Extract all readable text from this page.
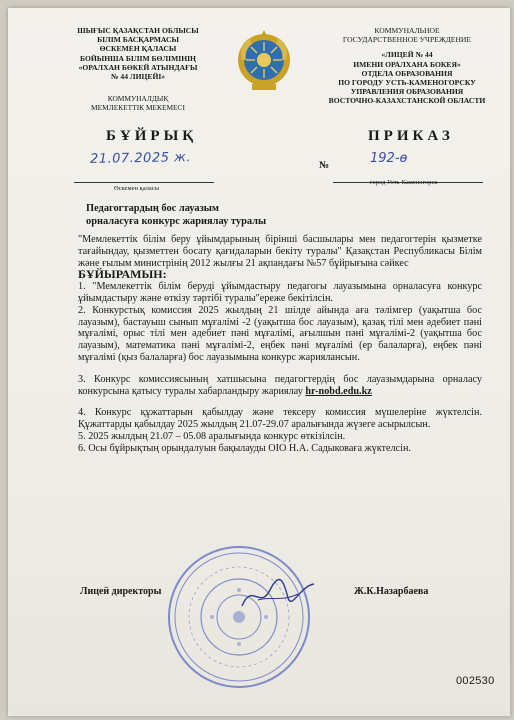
ШЫҒЫС ҚАЗАҚСТАН ОБЛЫСЫ
БІЛІМ БАСҚАРМАСЫ
ӨСКЕМЕН ҚАЛАСЫ
БОЙЫНША БІЛІМ БӨЛІМІНІҢ
«ОРАЛХАН БӨКЕЙ АТЫНДАҒЫ
№ 44 ЛИЦЕЙІ»
КОММУНАЛДЫҚ
МЕМЛЕКЕТТІК МЕКЕМЕСІ
КОММУНАЛЬНОЕ
ГОСУДАРСТВЕННОЕ УЧРЕЖДЕНИЕ
«ЛИЦЕЙ № 44
ИМЕНИ ОРАЛХАНА БОКЕЯ»
ОТДЕЛА ОБРАЗОВАНИЯ
ПО ГОРОДУ УСТЬ-КАМЕНОГОРСКУ
УПРАВЛЕНИЯ ОБРАЗОВАНИЯ
ВОСТОЧНО-КАЗАХСТАНСКОЙ ОБЛАСТИ
БҰЙРЫҚ	ПРИКАЗ
21.07.2025 ж.
Өскемен қаласы
№	192-ө
город Усть-Каменогорск
Педагогтардың бос лауазым
орналасуға конкурс жариялау туралы

"Мемлекеттік білім беру ұйымдарының бірінші басшылары мен педагогтерін қызметке тағайындау, қызметтен босату қағидаларын бекіту туралы" Қазақстан Республикасы Білім және ғылым министрінің 2012 жылғы 21 ақпандағы №57 бұйрығына сәйкес

БҰЙЫРАМЫН:

1. "Мемлекеттік білім беруді ұйымдастыру педагогы лауазымына орналасуға конкурс ұйымдастыру және өткізу тәртібі туралы"ереже бекітілсін.

2. Конкурстық комиссия 2025 жылдың 21 шілде айында аға тәлімгер (уақытша бос лауазым), бастауыш сынып мұғалімі -2 (уақытша бос лауазым), қазақ тілі мен әдебиет пәні мұғалімі, орыс тілі мен әдебиет пәні мұғалімі, ағылшын пәні мұғалімі-2 (уақытша бос лауазым), математика пәні мұғалімі-2, еңбек пәні мұғалімі (ер балаларға), еңбек пәні мұғалімі (қыз балаларға) бос лауазымына конкурс жариялансын.

3. Конкурс комиссиясының хатшысына педагогтердің бос лауазымдарына орналасу конкурсына қатысу туралы хабарландыру жариялау hr-nobd.edu.kz

4. Конкурс құжаттарын қабылдау және тексеру комиссия мүшелеріне жүктелсін. Құжаттарды қабылдау 2025 жылдың 21.07-29.07 аралығында жүзеге асырылсын.

5. 2025 жылдың 21.07 – 05.08 аралығында конкурс өткізілсін.

6. Осы бұйрықтың орындалуын бақылауды ОІО Н.А. Садыковаға жүктелсін.

Лицей директоры	Ж.К.Назарбаева
002530
